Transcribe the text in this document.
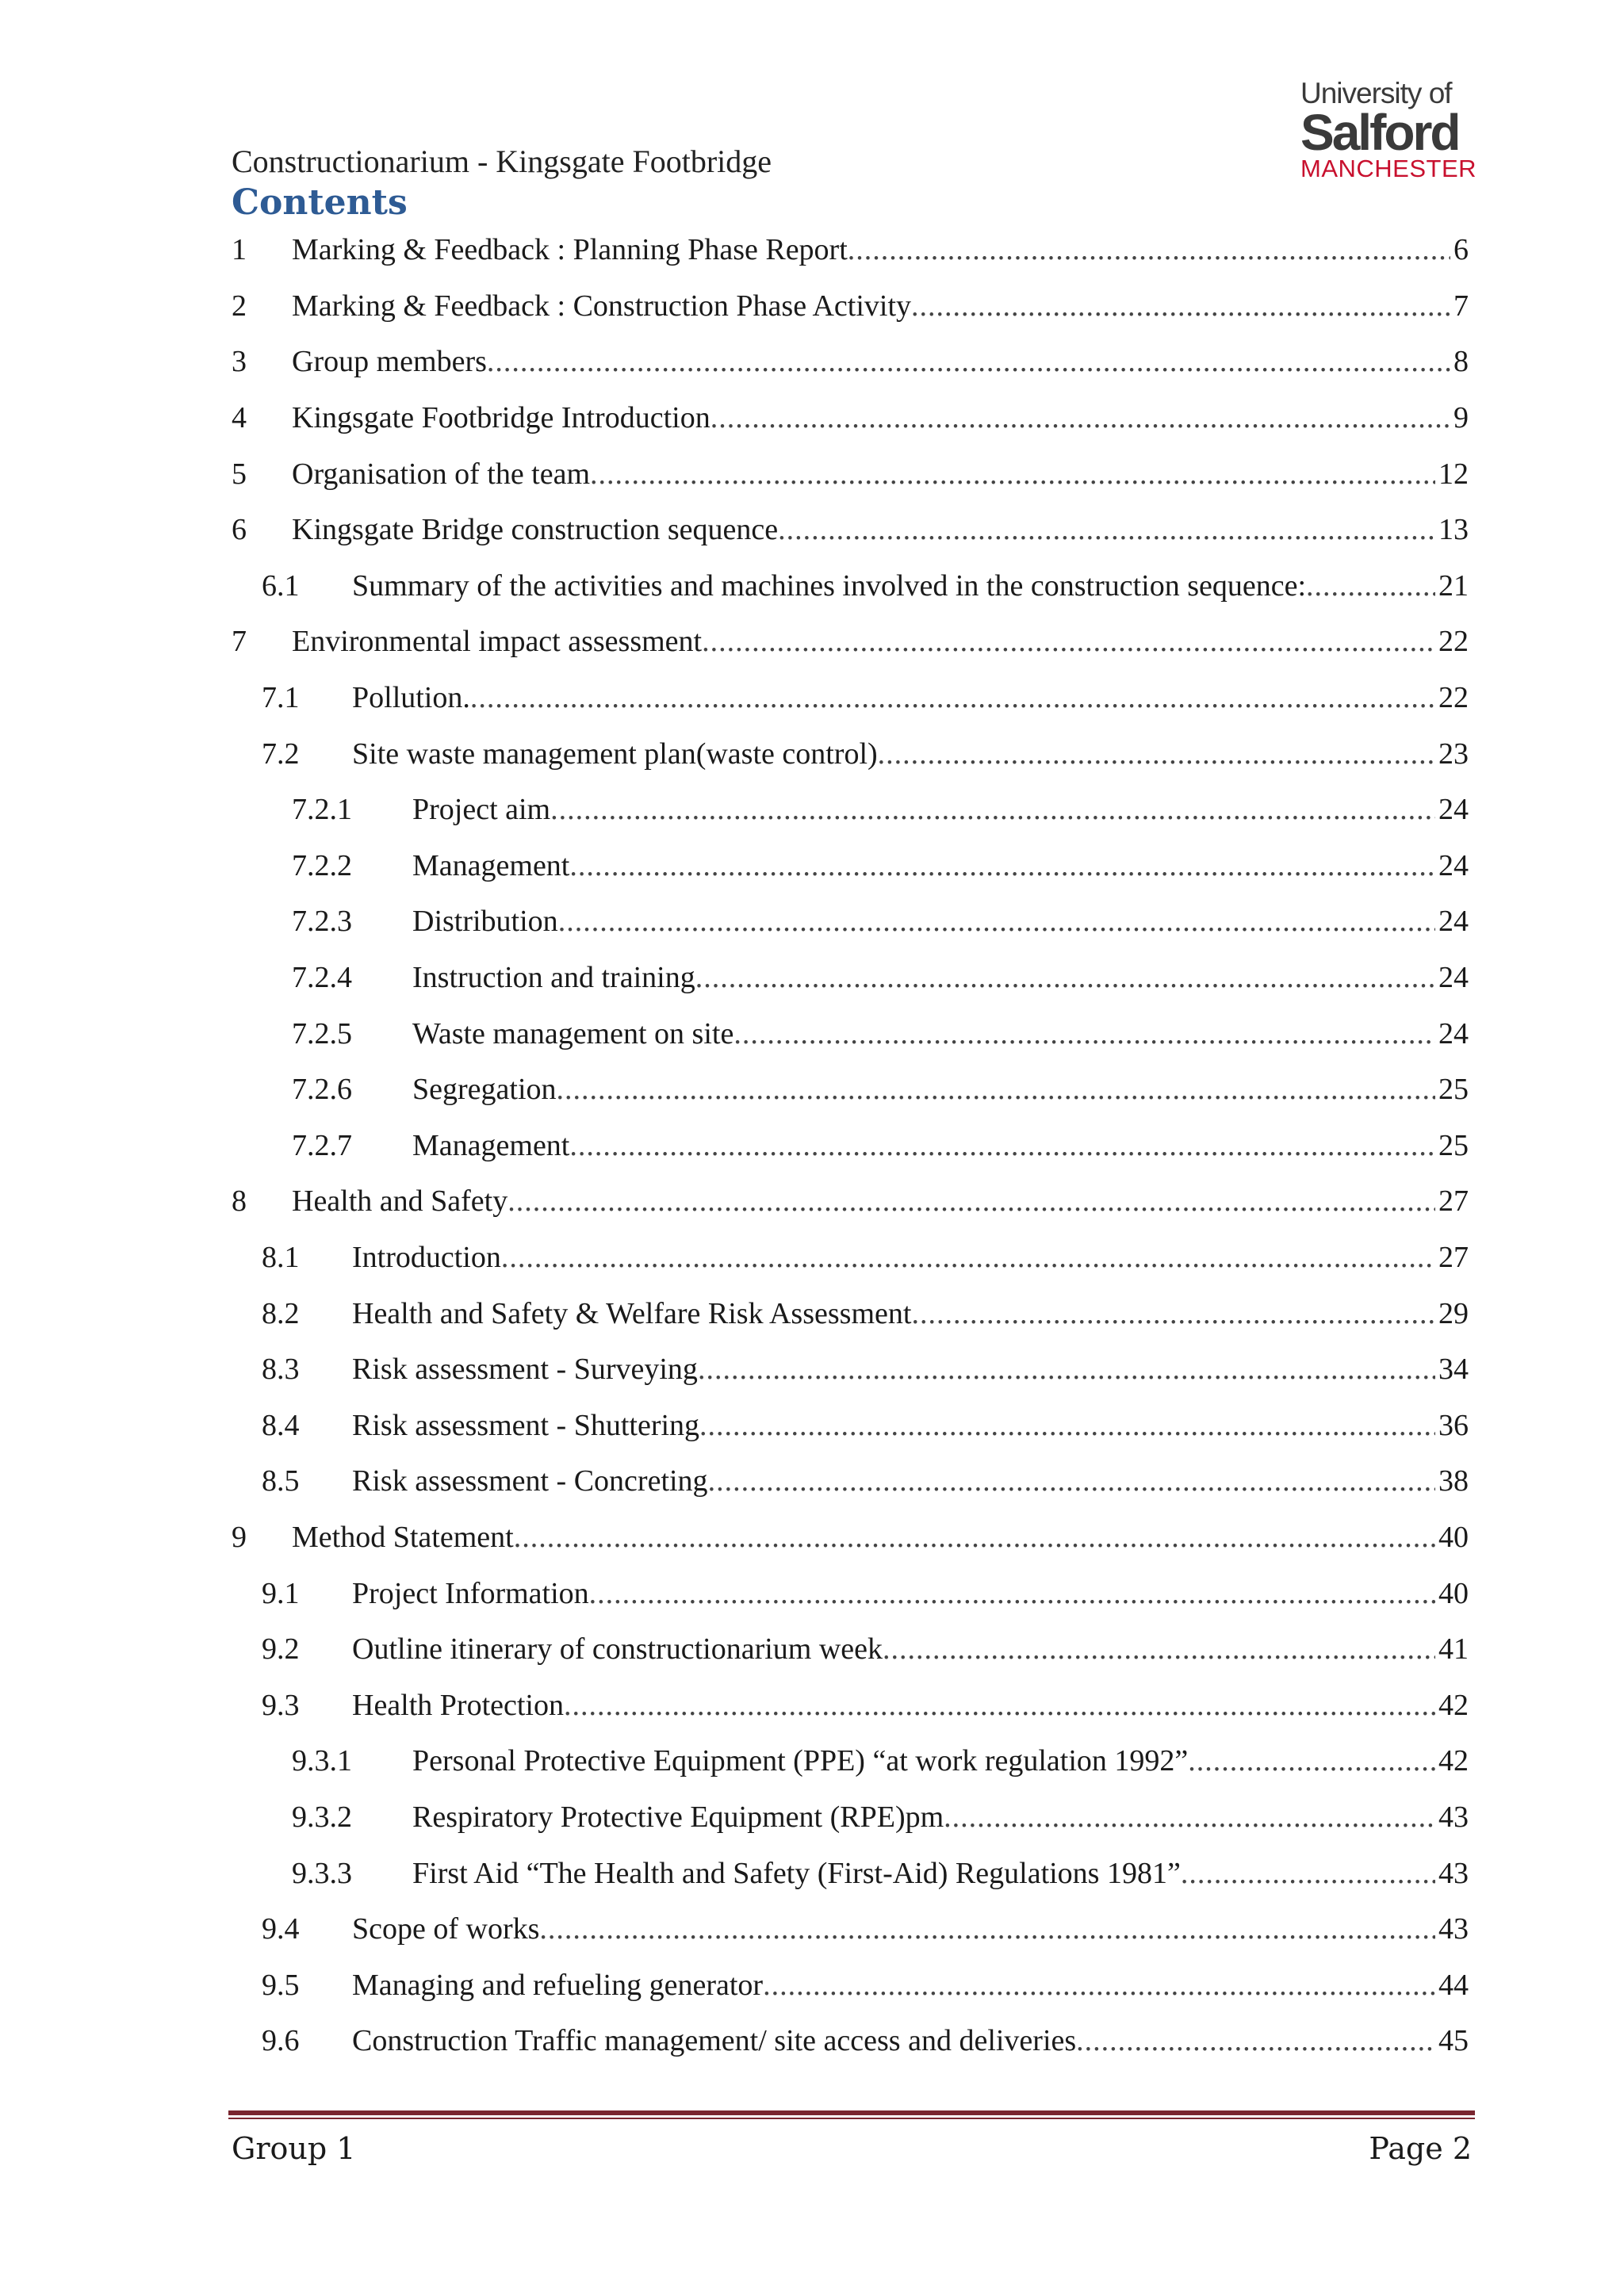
University of
Salford
MANCHESTER
Constructionarium - Kingsgate Footbridge
Contents
1 Marking & Feedback : Planning Phase Report .....	6
2 Marking & Feedback : Construction Phase Activity .....	7
3 Group members .....	8
4 Kingsgate Footbridge Introduction .....	9
5 Organisation of the team .....	12
6 Kingsgate Bridge construction sequence .....	13
6.1 Summary of the activities and machines involved in the construction sequence: .....	21
7 Environmental impact assessment .....	22
7.1 Pollution. .....	22
7.2 Site waste management plan(waste control) .....	23
7.2.1 Project aim .....	24
7.2.2 Management .....	24
7.2.3 Distribution .....	24
7.2.4 Instruction and training .....	24
7.2.5 Waste management on site .....	24
7.2.6 Segregation .....	25
7.2.7 Management .....	25
8 Health and Safety .....	27
8.1 Introduction .....	27
8.2 Health and Safety & Welfare Risk Assessment .....	29
8.3 Risk assessment - Surveying .....	34
8.4 Risk assessment - Shuttering .....	36
8.5 Risk assessment - Concreting .....	38
9 Method Statement .....	40
9.1 Project Information .....	40
9.2 Outline itinerary of constructionarium week .....	41
9.3 Health Protection .....	42
9.3.1 Personal Protective Equipment (PPE) “at work regulation 1992” .....	42
9.3.2 Respiratory Protective Equipment (RPE)pm .....	43
9.3.3 First Aid “The Health and Safety (First-Aid) Regulations 1981” .....	43
9.4 Scope of works .....	43
9.5 Managing and refueling generator .....	44
9.6 Construction Traffic management/ site access and deliveries .....	45
Group 1	Page 2
